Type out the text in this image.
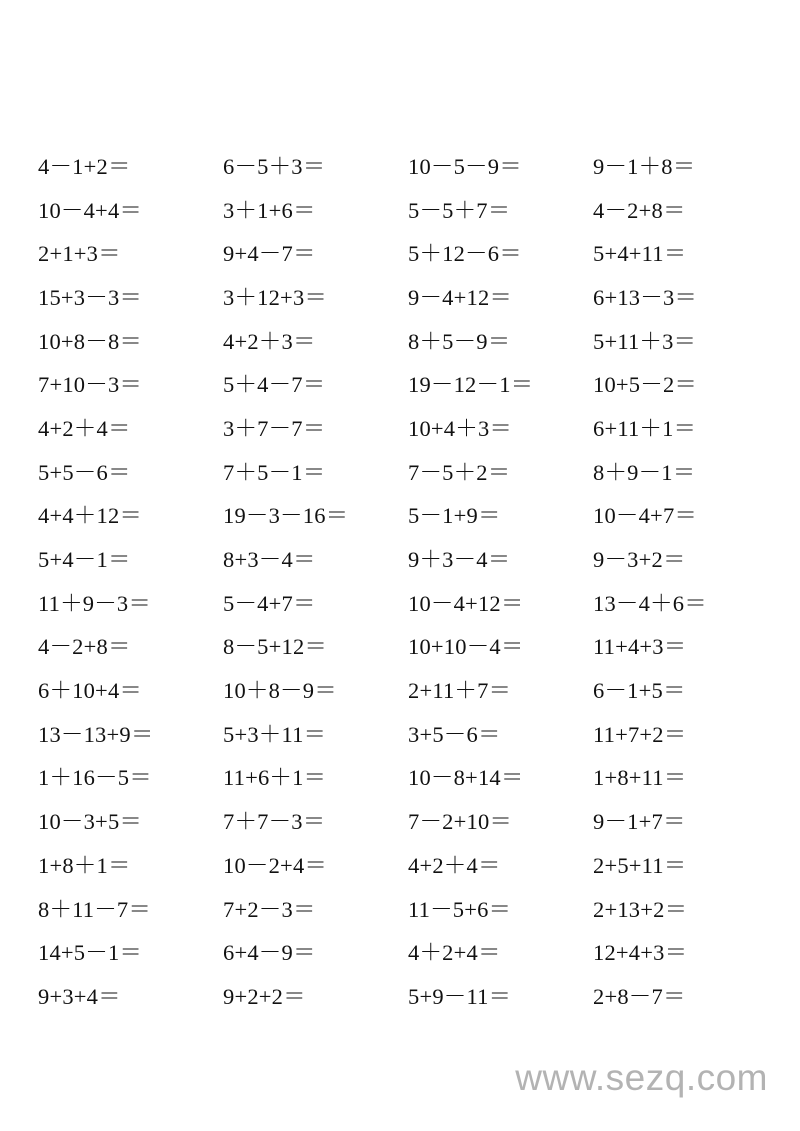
4－1+2＝	6－5＋3＝	10－5－9＝	9－1＋8＝
10－4+4＝	3＋1+6＝	5－5＋7＝	4－2+8＝
2+1+3＝	9+4－7＝	5＋12－6＝	5+4+11＝
15+3－3＝	3＋12+3＝	9－4+12＝	6+13－3＝
10+8－8＝	4+2＋3＝	8＋5－9＝	5+11＋3＝
7+10－3＝	5＋4－7＝	19－12－1＝	10+5－2＝
4+2＋4＝	3＋7－7＝	10+4＋3＝	6+11＋1＝
5+5－6＝	7＋5－1＝	7－5＋2＝	8＋9－1＝
4+4＋12＝	19－3－16＝	5－1+9＝	10－4+7＝
5+4－1＝	8+3－4＝	9＋3－4＝	9－3+2＝
11＋9－3＝	5－4+7＝	10－4+12＝	13－4＋6＝
4－2+8＝	8－5+12＝	10+10－4＝	11+4+3＝
6＋10+4＝	10＋8－9＝	2+11＋7＝	6－1+5＝
13－13+9＝	5+3＋11＝	3+5－6＝	11+7+2＝
1＋16－5＝	11+6＋1＝	10－8+14＝	1+8+11＝
10－3+5＝	7＋7－3＝	7－2+10＝	9－1+7＝
1+8＋1＝	10－2+4＝	4+2＋4＝	2+5+11＝
8＋11－7＝	7+2－3＝	11－5+6＝	2+13+2＝
14+5－1＝	6+4－9＝	4＋2+4＝	12+4+3＝
9+3+4＝	9+2+2＝	5+9－11＝	2+8－7＝
www.sezq.com
